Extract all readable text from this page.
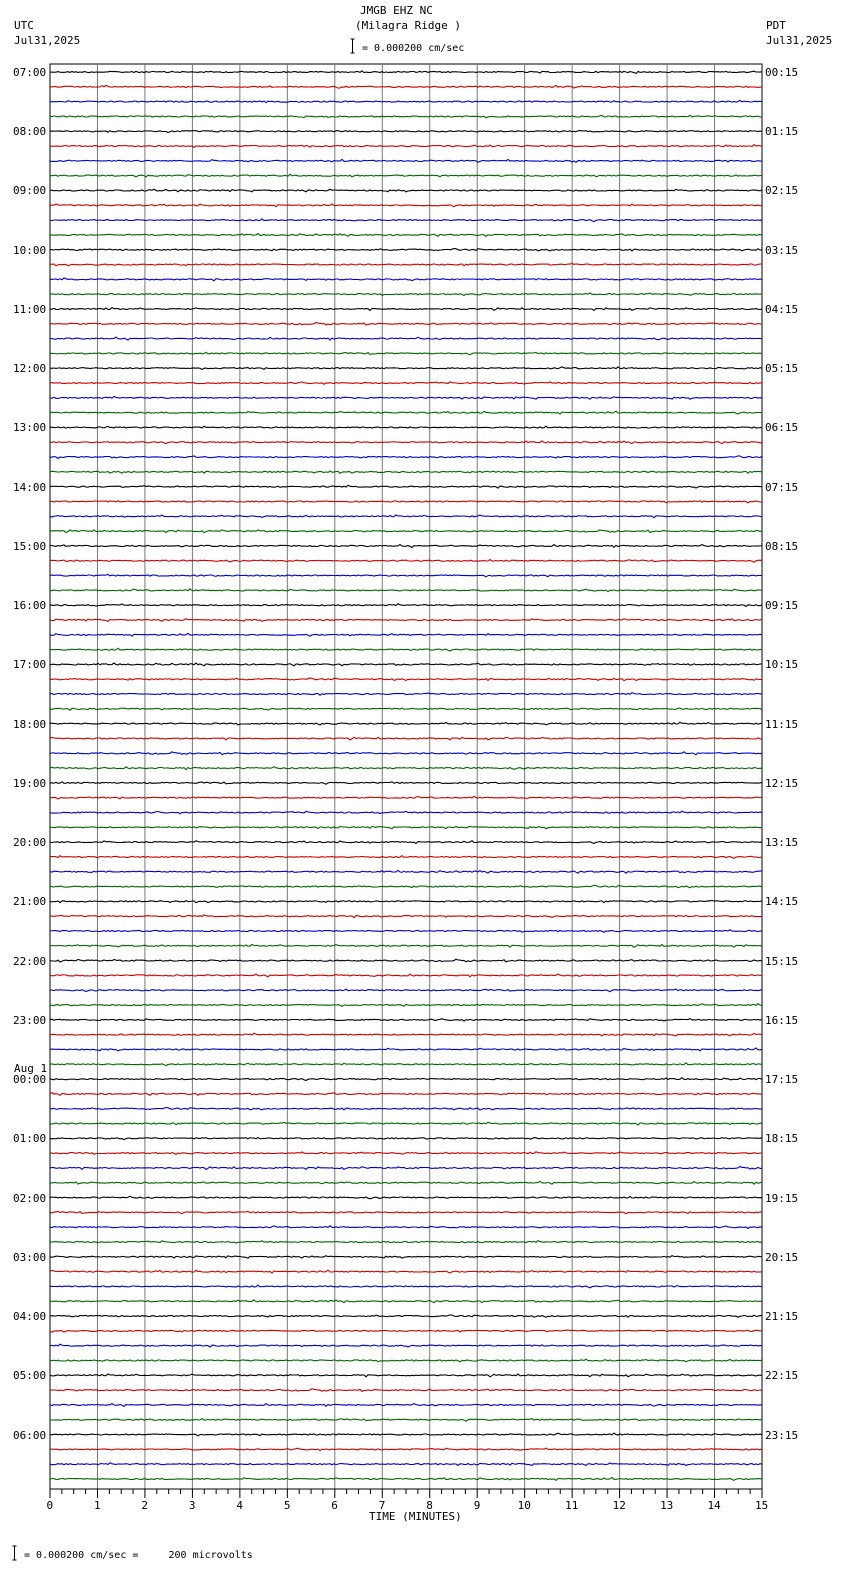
JMGB EHZ NC
(Milagra Ridge )
UTC
Jul31,2025
PDT
Jul31,2025
= 0.000200 cm/sec
07:00
08:00
09:00
10:00
11:00
12:00
13:00
14:00
15:00
16:00
17:00
18:00
19:00
20:00
21:00
22:00
23:00
00:00
01:00
02:00
03:00
04:00
05:00
06:00
00:15
01:15
02:15
03:15
04:15
05:15
06:15
07:15
08:15
09:15
10:15
11:15
12:15
13:15
14:15
15:15
16:15
17:15
18:15
19:15
20:15
21:15
22:15
23:15
Aug 1
0	1	2	3	4	5	6	7	8	9	10	11	12	13	14	15
TIME (MINUTES)
= 0.000200 cm/sec =     200 microvolts
